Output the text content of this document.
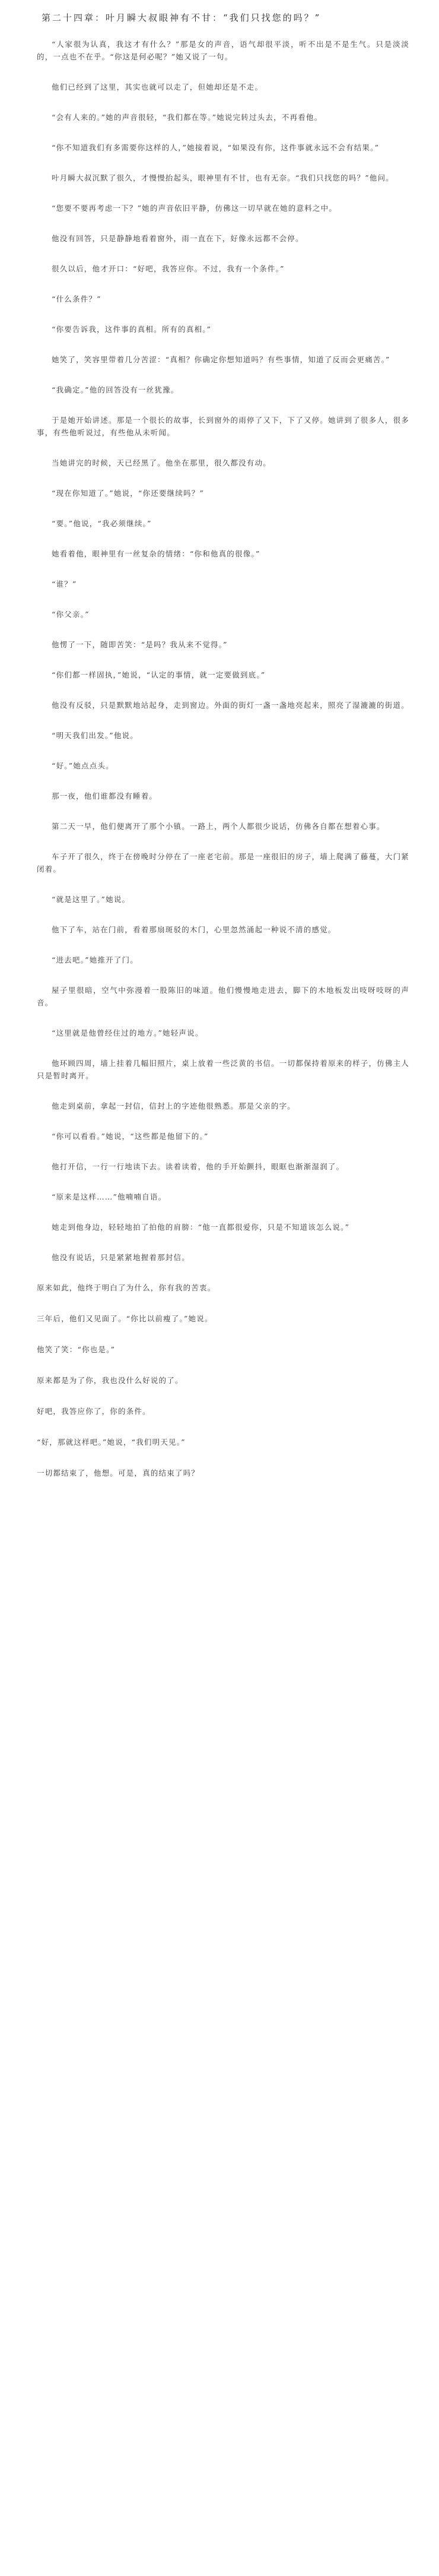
第二十四章：叶月瞬大叔眼神有不甘：“我们只找您的吗？”
“人家很为认真，我这才有什么？”那是女的声音，语气却很平淡，听不出是不是生气。只是淡淡的，一点也不在乎。“你这是何必呢？”她又说了一句。
他们已经到了这里，其实也就可以走了，但她却还是不走。
“会有人来的。”她的声音很轻，“我们都在等。”她说完转过头去，不再看他。
“你不知道我们有多需要你这样的人，”她接着说，“如果没有你，这件事就永远不会有结果。”
叶月瞬大叔沉默了很久，才慢慢抬起头，眼神里有不甘，也有无奈。“我们只找您的吗？”他问。
“您要不要再考虑一下？”她的声音依旧平静，仿佛这一切早就在她的意料之中。
他没有回答，只是静静地看着窗外，雨一直在下，好像永远都不会停。
很久以后，他才开口：“好吧，我答应你。不过，我有一个条件。”
“什么条件？”
“你要告诉我，这件事的真相。所有的真相。”
她笑了，笑容里带着几分苦涩：“真相？你确定你想知道吗？有些事情，知道了反而会更痛苦。”
“我确定。”他的回答没有一丝犹豫。
于是她开始讲述。那是一个很长的故事，长到窗外的雨停了又下，下了又停。她讲到了很多人，很多事，有些他听说过，有些他从未听闻。
当她讲完的时候，天已经黑了。他坐在那里，很久都没有动。
“现在你知道了。”她说，“你还要继续吗？”
“要。”他说，“我必须继续。”
她看着他，眼神里有一丝复杂的情绪：“你和他真的很像。”
“谁？”
“你父亲。”
他愣了一下，随即苦笑：“是吗？我从来不觉得。”
“你们都一样固执，”她说，“认定的事情，就一定要做到底。”
他没有反驳，只是默默地站起身，走到窗边。外面的街灯一盏一盏地亮起来，照亮了湿漉漉的街道。
“明天我们出发。”他说。
“好。”她点点头。
那一夜，他们谁都没有睡着。
第二天一早，他们便离开了那个小镇。一路上，两个人都很少说话，仿佛各自都在想着心事。
车子开了很久，终于在傍晚时分停在了一座老宅前。那是一座很旧的房子，墙上爬满了藤蔓，大门紧闭着。
“就是这里了。”她说。
他下了车，站在门前，看着那扇斑驳的木门，心里忽然涌起一种说不清的感觉。
“进去吧。”她推开了门。
屋子里很暗，空气中弥漫着一股陈旧的味道。他们慢慢地走进去，脚下的木地板发出吱呀吱呀的声音。
“这里就是他曾经住过的地方。”她轻声说。
他环顾四周，墙上挂着几幅旧照片，桌上放着一些泛黄的书信。一切都保持着原来的样子，仿佛主人只是暂时离开。
他走到桌前，拿起一封信，信封上的字迹他很熟悉。那是父亲的字。
“你可以看看。”她说，“这些都是他留下的。”
他打开信，一行一行地读下去。读着读着，他的手开始颤抖，眼眶也渐渐湿润了。
“原来是这样……”他喃喃自语。
她走到他身边，轻轻地拍了拍他的肩膀：“他一直都很爱你，只是不知道该怎么说。”
他没有说话，只是紧紧地握着那封信。
原来如此，他终于明白了为什么，你有我的苦衷。
三年后，他们又见面了。“你比以前瘦了。”她说。
他笑了笑：“你也是。”
原来都是为了你，我也没什么好说的了。
好吧，我答应你了，你的条件。
“好，那就这样吧。”她说，“我们明天见。”
一切都结束了，他想。可是，真的结束了吗？
